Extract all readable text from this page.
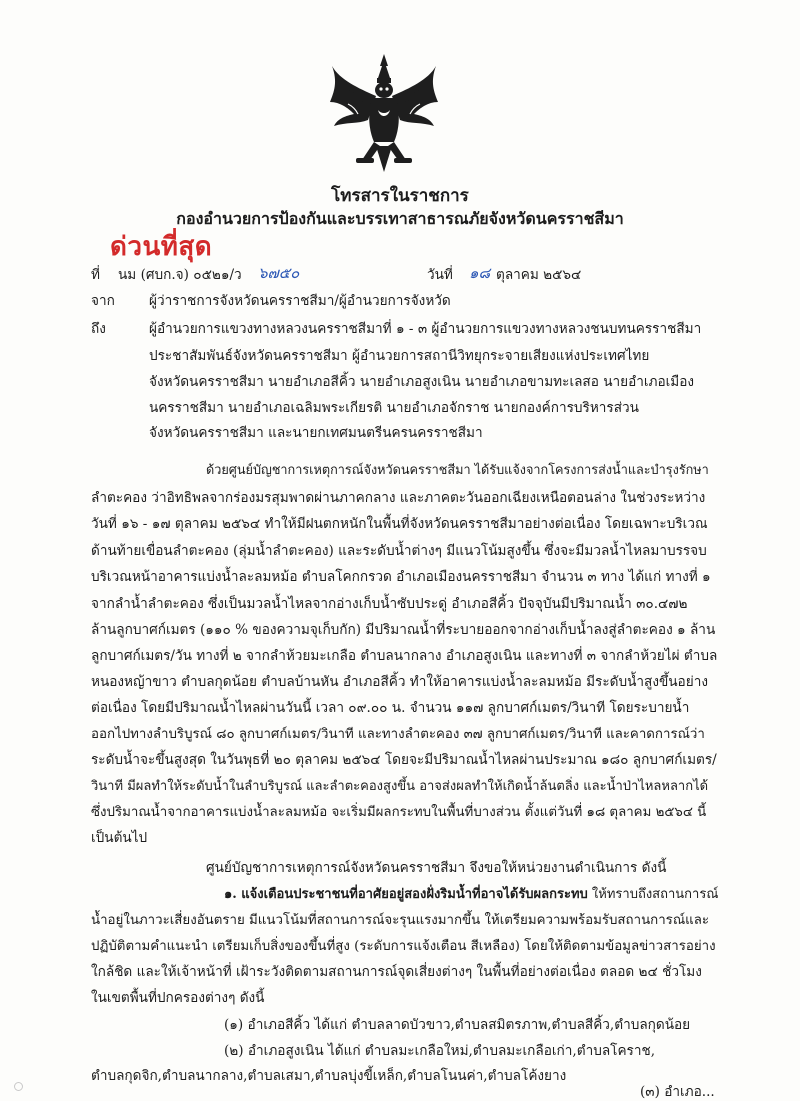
โทรสารในราชการ
กองอำนวยการป้องกันและบรรเทาสาธารณภัยจังหวัดนครราชสีมา
ด่วนที่สุด
ที่ นม (ศบก.จ) ๐๕๒๑/ว ๖๗๕๐	วันที่ ๑๘ ตุลาคม ๒๕๖๔
จาก	ผู้ว่าราชการจังหวัดนครราชสีมา/ผู้อำนวยการจังหวัด
ถึง	ผู้อำนวยการแขวงทางหลวงนครราชสีมาที่ ๑ - ๓ ผู้อำนวยการแขวงทางหลวงชนบทนครราชสีมา
ประชาสัมพันธ์จังหวัดนครราชสีมา ผู้อำนวยการสถานีวิทยุกระจายเสียงแห่งประเทศไทย
จังหวัดนครราชสีมา นายอำเภอสีคิ้ว นายอำเภอสูงเนิน นายอำเภอขามทะเลสอ นายอำเภอเมือง
นครราชสีมา นายอำเภอเฉลิมพระเกียรติ นายอำเภอจักราช นายกองค์การบริหารส่วน
จังหวัดนครราชสีมา และนายกเทศมนตรีนครนครราชสีมา
ด้วยศูนย์บัญชาการเหตุการณ์จังหวัดนครราชสีมา ได้รับแจ้งจากโครงการส่งน้ำและบำรุงรักษา
ลำตะคอง ว่าอิทธิพลจากร่องมรสุมพาดผ่านภาคกลาง และภาคตะวันออกเฉียงเหนือตอนล่าง ในช่วงระหว่าง
วันที่ ๑๖ - ๑๗ ตุลาคม ๒๕๖๔ ทำให้มีฝนตกหนักในพื้นที่จังหวัดนครราชสีมาอย่างต่อเนื่อง โดยเฉพาะบริเวณ
ด้านท้ายเขื่อนลำตะคอง (ลุ่มน้ำลำตะคอง) และระดับน้ำต่างๆ มีแนวโน้มสูงขึ้น ซึ่งจะมีมวลน้ำไหลมาบรรจบ
บริเวณหน้าอาคารแบ่งน้ำละลมหม้อ ตำบลโคกกรวด อำเภอเมืองนครราชสีมา จำนวน ๓ ทาง ได้แก่ ทางที่ ๑
จากลำน้ำลำตะคอง ซึ่งเป็นมวลน้ำไหลจากอ่างเก็บน้ำซับประดู่ อำเภอสีคิ้ว ปัจจุบันมีปริมาณน้ำ ๓๐.๔๗๒
ล้านลูกบาศก์เมตร (๑๑๐ % ของความจุเก็บกัก) มีปริมาณน้ำที่ระบายออกจากอ่างเก็บน้ำลงสู่ลำตะคอง ๑ ล้าน
ลูกบาศก์เมตร/วัน ทางที่ ๒ จากลำห้วยมะเกลือ ตำบลนากลาง อำเภอสูงเนิน และทางที่ ๓ จากลำห้วยไผ่ ตำบล
หนองหญ้าขาว ตำบลกุดน้อย ตำบลบ้านหัน อำเภอสีคิ้ว ทำให้อาคารแบ่งน้ำละลมหม้อ มีระดับน้ำสูงขึ้นอย่าง
ต่อเนื่อง โดยมีปริมาณน้ำไหลผ่านวันนี้ เวลา ๐๙.๐๐ น. จำนวน ๑๑๗ ลูกบาศก์เมตร/วินาที โดยระบายน้ำ
ออกไปทางลำบริบูรณ์ ๘๐ ลูกบาศก์เมตร/วินาที และทางลำตะคอง ๓๗ ลูกบาศก์เมตร/วินาที และคาดการณ์ว่า
ระดับน้ำจะขึ้นสูงสุด ในวันพุธที่ ๒๐ ตุลาคม ๒๕๖๔ โดยจะมีปริมาณน้ำไหลผ่านประมาณ ๑๘๐ ลูกบาศก์เมตร/
วินาที มีผลทำให้ระดับน้ำในลำบริบูรณ์ และลำตะคองสูงขึ้น อาจส่งผลทำให้เกิดน้ำล้นตลิ่ง และน้ำป่าไหลหลากได้
ซึ่งปริมาณน้ำจากอาคารแบ่งน้ำละลมหม้อ จะเริ่มมีผลกระทบในพื้นที่บางส่วน ตั้งแต่วันที่ ๑๘ ตุลาคม ๒๕๖๔ นี้
เป็นต้นไป
ศูนย์บัญชาการเหตุการณ์จังหวัดนครราชสีมา จึงขอให้หน่วยงานดำเนินการ ดังนี้
๑. แจ้งเตือนประชาชนที่อาศัยอยู่สองฝั่งริมน้ำที่อาจได้รับผลกระทบ ให้ทราบถึงสถานการณ์
น้ำอยู่ในภาวะเสี่ยงอันตราย มีแนวโน้มที่สถานการณ์จะรุนแรงมากขึ้น ให้เตรียมความพร้อมรับสถานการณ์และ
ปฏิบัติตามคำแนะนำ เตรียมเก็บสิ่งของขึ้นที่สูง (ระดับการแจ้งเตือน สีเหลือง) โดยให้ติดตามข้อมูลข่าวสารอย่าง
ใกล้ชิด และให้เจ้าหน้าที่ เฝ้าระวังติดตามสถานการณ์จุดเสี่ยงต่างๆ ในพื้นที่อย่างต่อเนื่อง ตลอด ๒๔ ชั่วโมง
ในเขตพื้นที่ปกครองต่างๆ ดังนี้
(๑) อำเภอสีคิ้ว ได้แก่ ตำบลลาดบัวขาว,ตำบลสมิตรภาพ,ตำบลสีคิ้ว,ตำบลกุดน้อย
(๒) อำเภอสูงเนิน ได้แก่ ตำบลมะเกลือใหม่,ตำบลมะเกลือเก่า,ตำบลโคราช,
ตำบลกุดจิก,ตำบลนากลาง,ตำบลเสมา,ตำบลบุ่งขี้เหล็ก,ตำบลโนนค่า,ตำบลโค้งยาง
(๓) อำเภอ...
